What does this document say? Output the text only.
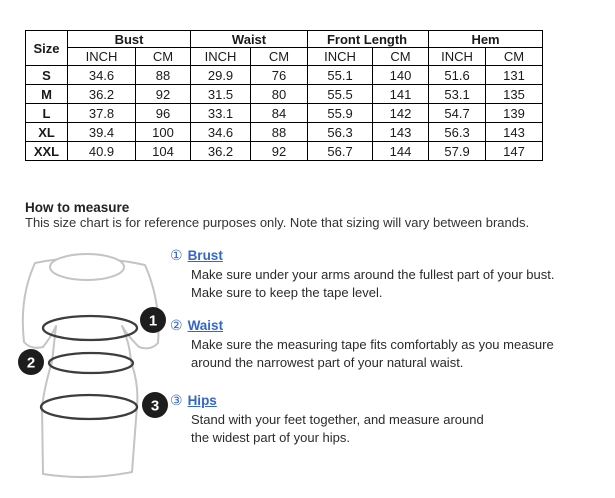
Size	Bust		Waist		Front Length		Hem	
	INCH	CM	INCH	CM	INCH	CM	INCH	CM
S	34.6	88	29.9	76	55.1	140	51.6	131
M	36.2	92	31.5	80	55.5	141	53.1	135
L	37.8	96	33.1	84	55.9	142	54.7	139
XL	39.4	100	34.6	88	56.3	143	56.3	143
XXL	40.9	104	36.2	92	56.7	144	57.9	147
How to measure
This size chart is for reference purposes only. Note that sizing will vary between brands.
1
2
3
① Brust
Make sure under your arms around the fullest part of your bust.
Make sure to keep the tape level.
② Waist
Make sure the measuring tape fits comfortably as you measure
around the narrowest part of your natural waist.
③ Hips
Stand with your feet together, and measure around
the widest part of your hips.
